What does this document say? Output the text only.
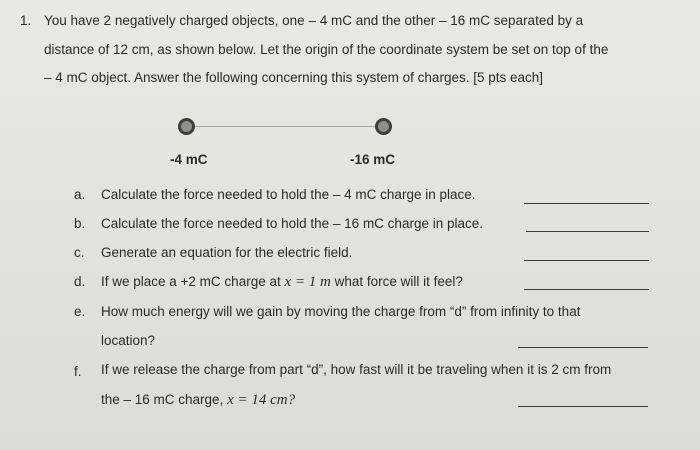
1. You have 2 negatively charged objects, one – 4 mC and the other – 16 mC separated by a
distance of 12 cm, as shown below. Let the origin of the coordinate system be set on top of the
– 4 mC object. Answer the following concerning this system of charges. [5 pts each]
-4 mC	-16 mC
a. Calculate the force needed to hold the – 4 mC charge in place.
b. Calculate the force needed to hold the – 16 mC charge in place.
c. Generate an equation for the electric field.
d. If we place a +2 mC charge at x = 1 m what force will it feel?
e. How much energy will we gain by moving the charge from “d” from infinity to that
location?
f. If we release the charge from part “d”, how fast will it be traveling when it is 2 cm from
the – 16 mC charge, x = 14 cm?
